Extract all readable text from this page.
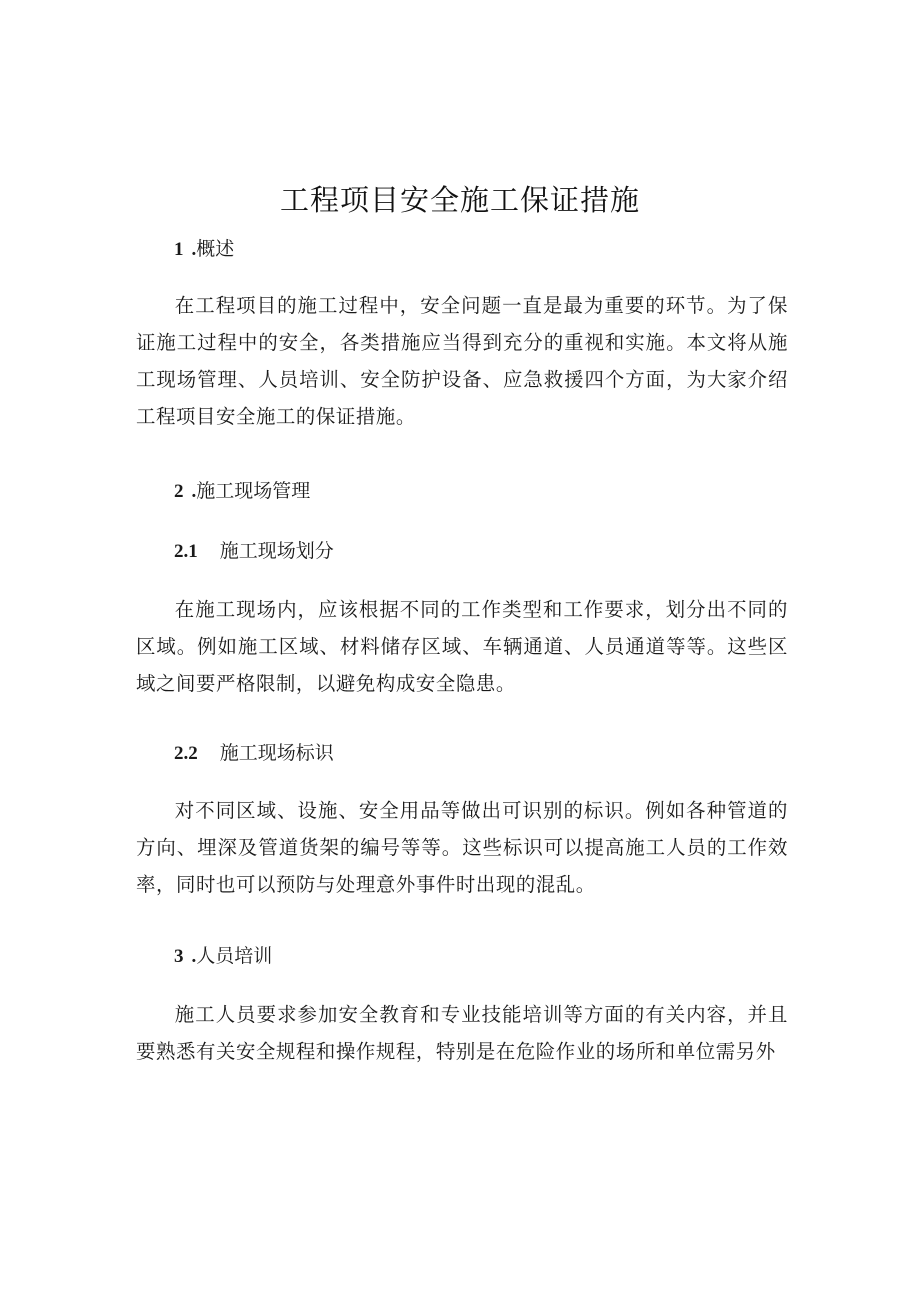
工程项目安全施工保证措施
1 .概述

在工程项目的施工过程中，安全问题一直是最为重要的环节。为了保证施工过程中的安全，各类措施应当得到充分的重视和实施。本文将从施工现场管理、人员培训、安全防护设备、应急救援四个方面，为大家介绍工程项目安全施工的保证措施。

2 .施工现场管理
2.1 施工现场划分

在施工现场内，应该根据不同的工作类型和工作要求，划分出不同的区域。例如施工区域、材料储存区域、车辆通道、人员通道等等。这些区域之间要严格限制，以避免构成安全隐患。

2.2 施工现场标识

对不同区域、设施、安全用品等做出可识别的标识。例如各种管道的方向、埋深及管道货架的编号等等。这些标识可以提高施工人员的工作效率，同时也可以预防与处理意外事件时出现的混乱。

3 .人员培训

施工人员要求参加安全教育和专业技能培训等方面的有关内容，并且要熟悉有关安全规程和操作规程，特别是在危险作业的场所和单位需另外
